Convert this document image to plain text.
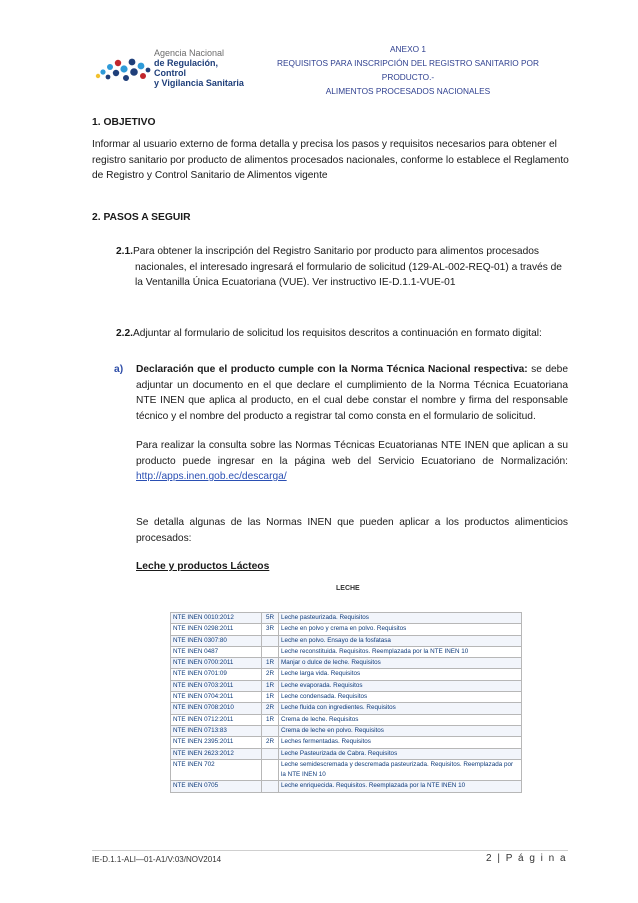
Agencia Nacional
de Regulación, Control
y Vigilancia Sanitaria
ANEXO 1
REQUISITOS PARA INSCRIPCIÓN DEL REGISTRO SANITARIO POR PRODUCTO.-
ALIMENTOS PROCESADOS NACIONALES
1. OBJETIVO
Informar al usuario externo de forma detalla y precisa los pasos y requisitos necesarios para obtener el registro sanitario por producto de alimentos procesados nacionales, conforme lo establece el Reglamento de Registro y Control Sanitario de Alimentos vigente
2. PASOS A SEGUIR
2.1.Para obtener la inscripción del Registro Sanitario por producto para alimentos procesados nacionales, el interesado ingresará el formulario de solicitud (129-AL-002-REQ-01) a través de la Ventanilla Única Ecuatoriana (VUE). Ver instructivo IE-D.1.1-VUE-01
2.2.Adjuntar al formulario de solicitud los requisitos descritos a continuación en formato digital:
a) Declaración que el producto cumple con la Norma Técnica Nacional respectiva: se debe adjuntar un documento en el que declare el cumplimiento de la Norma Técnica Ecuatoriana NTE INEN que aplica al producto, en el cual debe constar el nombre y firma del responsable técnico y el nombre del producto a registrar tal como consta en el formulario de solicitud.
Para realizar la consulta sobre las Normas Técnicas Ecuatorianas NTE INEN que aplican a su producto puede ingresar en la página web del Servicio Ecuatoriano de Normalización: http://apps.inen.gob.ec/descarga/
Se detalla algunas de las Normas INEN que pueden aplicar a los productos alimenticios procesados:
Leche y productos Lácteos
LECHE
NTE INEN 0010:2012	5R	Leche pasteurizada. Requisitos
NTE INEN 0298:2011	3R	Leche en polvo y crema en polvo. Requisitos
NTE INEN 0307:80		Leche en polvo. Ensayo de la fosfatasa
NTE INEN 0487		Leche reconstituida. Requisitos. Reemplazada por la NTE INEN 10
NTE INEN 0700:2011	1R	Manjar o dulce de leche. Requisitos
NTE INEN 0701:09	2R	Leche larga vida. Requisitos
NTE INEN 0703:2011	1R	Leche evaporada. Requisitos
NTE INEN 0704:2011	1R	Leche condensada. Requisitos
NTE INEN 0708:2010	2R	Leche fluida con ingredientes. Requisitos
NTE INEN 0712:2011	1R	Crema de leche. Requisitos
NTE INEN 0713:83		Crema de leche en polvo. Requisitos
NTE INEN 2395:2011	2R	Leches fermentadas. Requisitos
NTE INEN 2623:2012		Leche Pasteurizada de Cabra. Requisitos
NTE INEN 702		Leche semidescremada y descremada pasteurizada. Requisitos. Reemplazada por la NTE INEN 10
NTE INEN 0705		Leche enriquecida. Requisitos. Reemplazada por la NTE INEN 10
IE-D.1.1-ALI—01-A1/V:03/NOV2014	2 | P á g i n a
